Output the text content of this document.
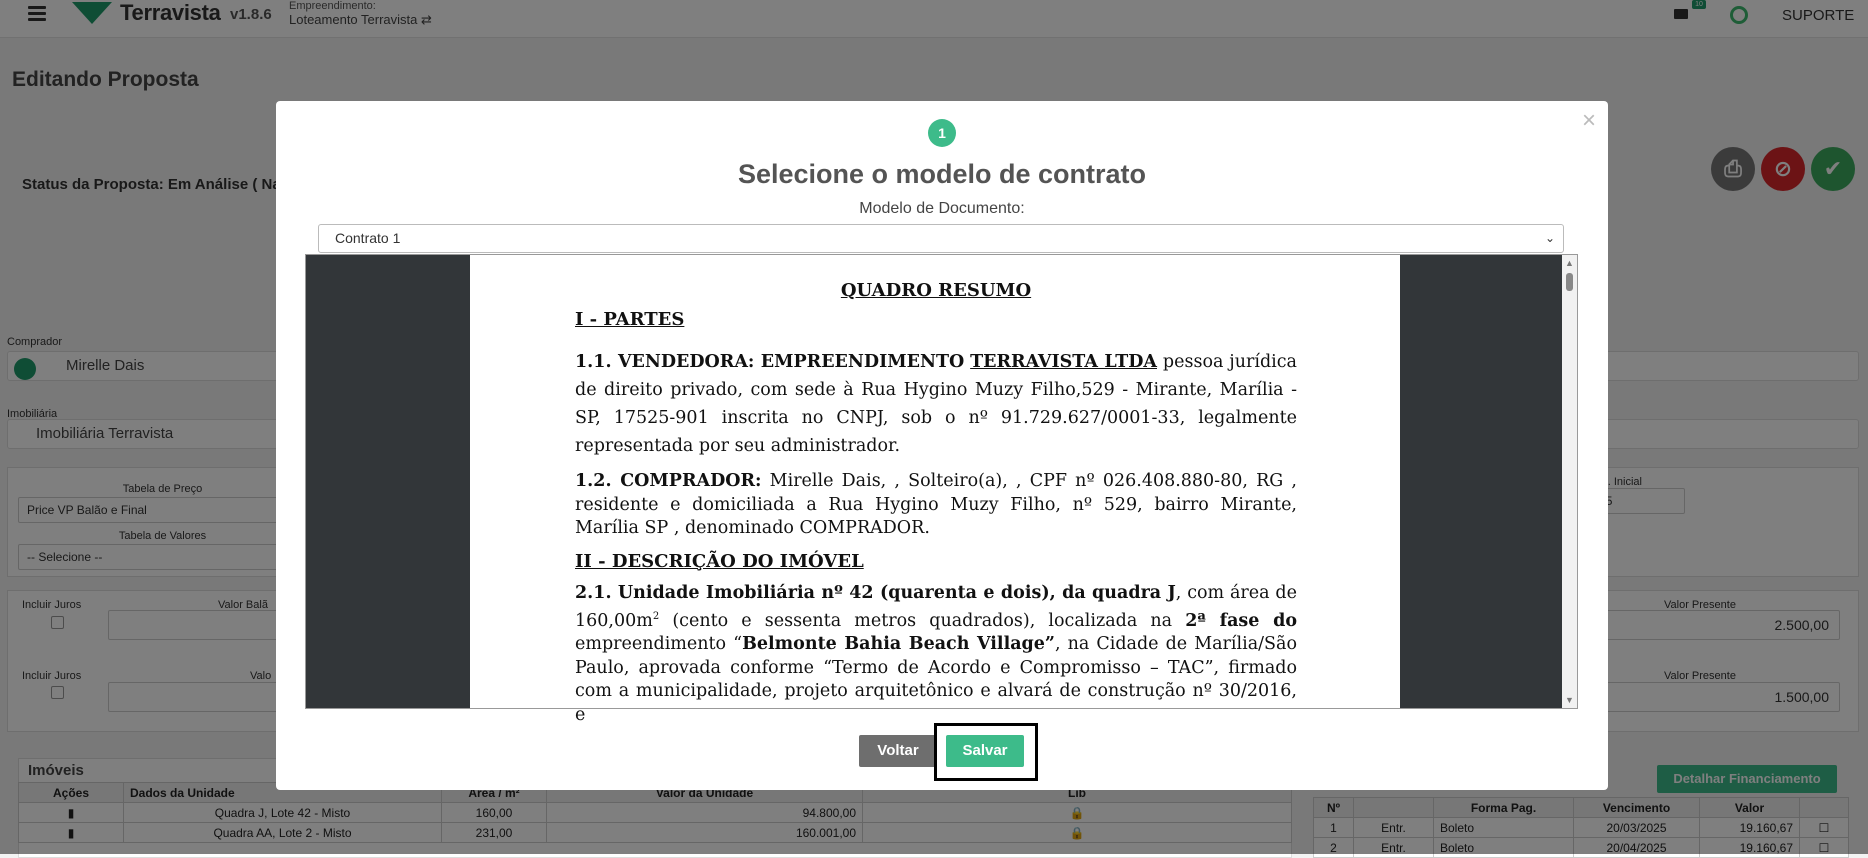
×
1
Selecione o modelo de contrato
Modelo de Documento:
Contrato 1	⌄
QUADRO RESUMO
I - PARTES

1.1. VENDEDORA: EMPREENDIMENTO TERRAVISTA LTDA pessoa jurídica de direito privado, com sede à Rua Hygino Muzy Filho,529 - Mirante, Marília - SP, 17525-901 inscrita no CNPJ, sob o nº 91.729.627/0001-33, legalmente representada por seu administrador.

1.2. COMPRADOR: Mirelle Dais, , Solteiro(a), , CPF nº 026.408.880-80, RG , residente e domiciliada a Rua Hygino Muzy Filho, nº 529, bairro Mirante, Marília SP , denominado COMPRADOR.

II - DESCRIÇÃO DO IMÓVEL

2.1. Unidade Imobiliária nº 42 (quarenta e dois), da quadra J, com área de $160,00m^2$ (cento e sessenta metros quadrados), localizada na 2ª fase do empreendimento “Belmonte Bahia Beach Village”, na Cidade de Marília/São Paulo, aprovada conforme “Termo de Acordo e Compromisso – TAC”, firmado com a municipalidade, projeto arquitetônico e alvará de construção nº 30/2016, e

▲
▼
Voltar	Salvar
